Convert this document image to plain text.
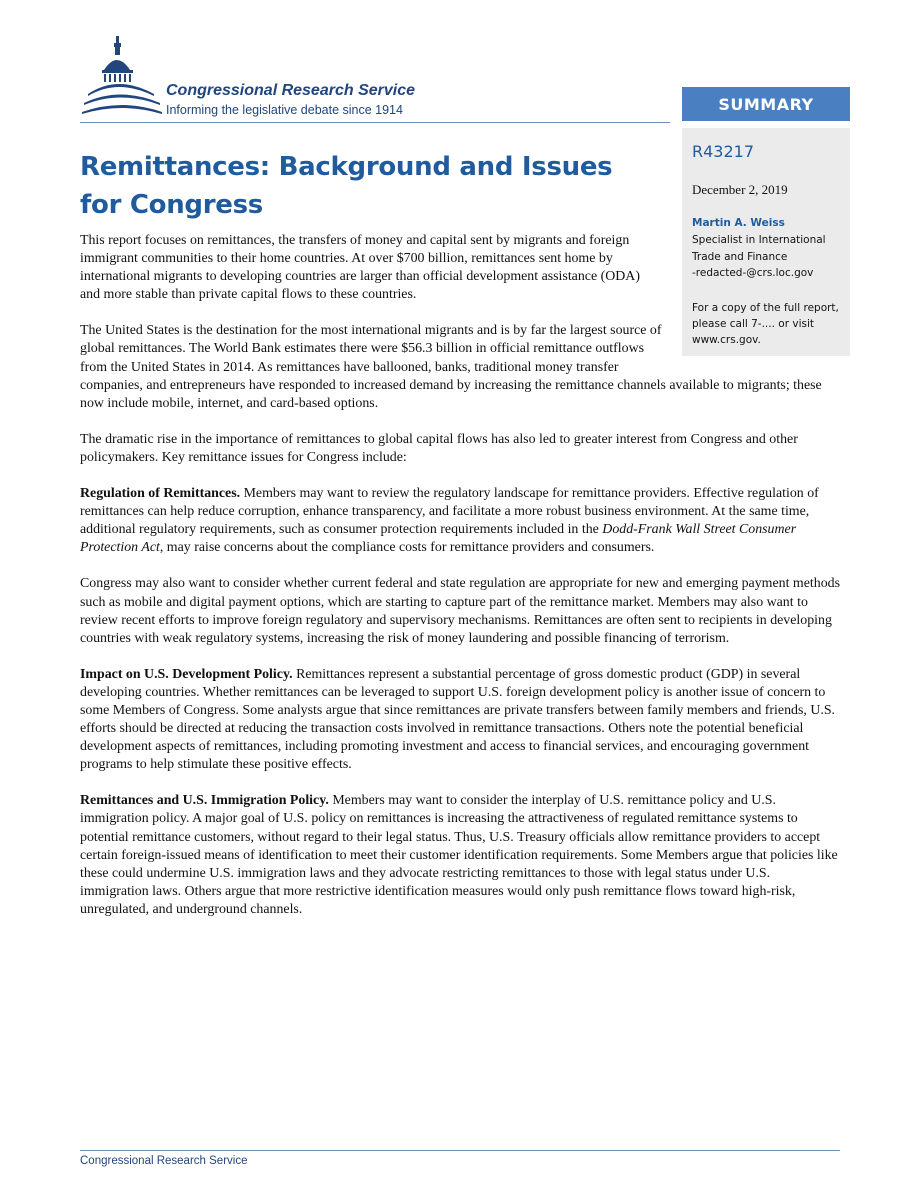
Congressional Research Service

Informing the legislative debate since 1914

Remittances: Background and Issues for Congress
SUMMARY

R43217

December 2, 2019

Martin A. Weiss

Specialist in International

Trade and Finance

-redacted-@crs.loc.gov

For a copy of the full report, please call 7-.... or visit www.crs.gov.

This report focuses on remittances, the transfers of money and capital sent by migrants and foreign immigrant communities to their home countries. At over $700 billion, remittances sent home by international migrants to developing countries are larger than official development assistance (ODA) and more stable than private capital flows to these countries.

The United States is the destination for the most international migrants and is by far the largest source of global remittances. The World Bank estimates there were $56.3 billion in official remittance outflows from the United States in 2014. As remittances have ballooned, banks, traditional money transfer companies, and entrepreneurs have responded to increased demand by increasing the remittance channels available to migrants; these now include mobile, internet, and card-based options.

The dramatic rise in the importance of remittances to global capital flows has also led to greater interest from Congress and other policymakers. Key remittance issues for Congress include:

Regulation of Remittances. Members may want to review the regulatory landscape for remittance providers. Effective regulation of remittances can help reduce corruption, enhance transparency, and facilitate a more robust business environment. At the same time, additional regulatory requirements, such as consumer protection requirements included in the Dodd-Frank Wall Street Consumer Protection Act, may raise concerns about the compliance costs for remittance providers and consumers.

Congress may also want to consider whether current federal and state regulation are appropriate for new and emerging payment methods such as mobile and digital payment options, which are starting to capture part of the remittance market. Members may also want to review recent efforts to improve foreign regulatory and supervisory mechanisms. Remittances are often sent to recipients in developing countries with weak regulatory systems, increasing the risk of money laundering and possible financing of terrorism.

Impact on U.S. Development Policy. Remittances represent a substantial percentage of gross domestic product (GDP) in several developing countries. Whether remittances can be leveraged to support U.S. foreign development policy is another issue of concern to some Members of Congress. Some analysts argue that since remittances are private transfers between family members and friends, U.S. efforts should be directed at reducing the transaction costs involved in remittance transactions. Others note the potential beneficial development aspects of remittances, including promoting investment and access to financial services, and encouraging government programs to help stimulate these positive effects.

Remittances and U.S. Immigration Policy. Members may want to consider the interplay of U.S. remittance policy and U.S. immigration policy. A major goal of U.S. policy on remittances is increasing the attractiveness of regulated remittance systems to potential remittance customers, without regard to their legal status. Thus, U.S. Treasury officials allow remittance providers to accept certain foreign-issued means of identification to meet their customer identification requirements. Some Members argue that policies like these could undermine U.S. immigration laws and they advocate restricting remittances to those with legal status under U.S. immigration laws. Others argue that more restrictive identification measures would only push remittance flows toward high-risk, unregulated, and underground channels.

Congressional Research Service
